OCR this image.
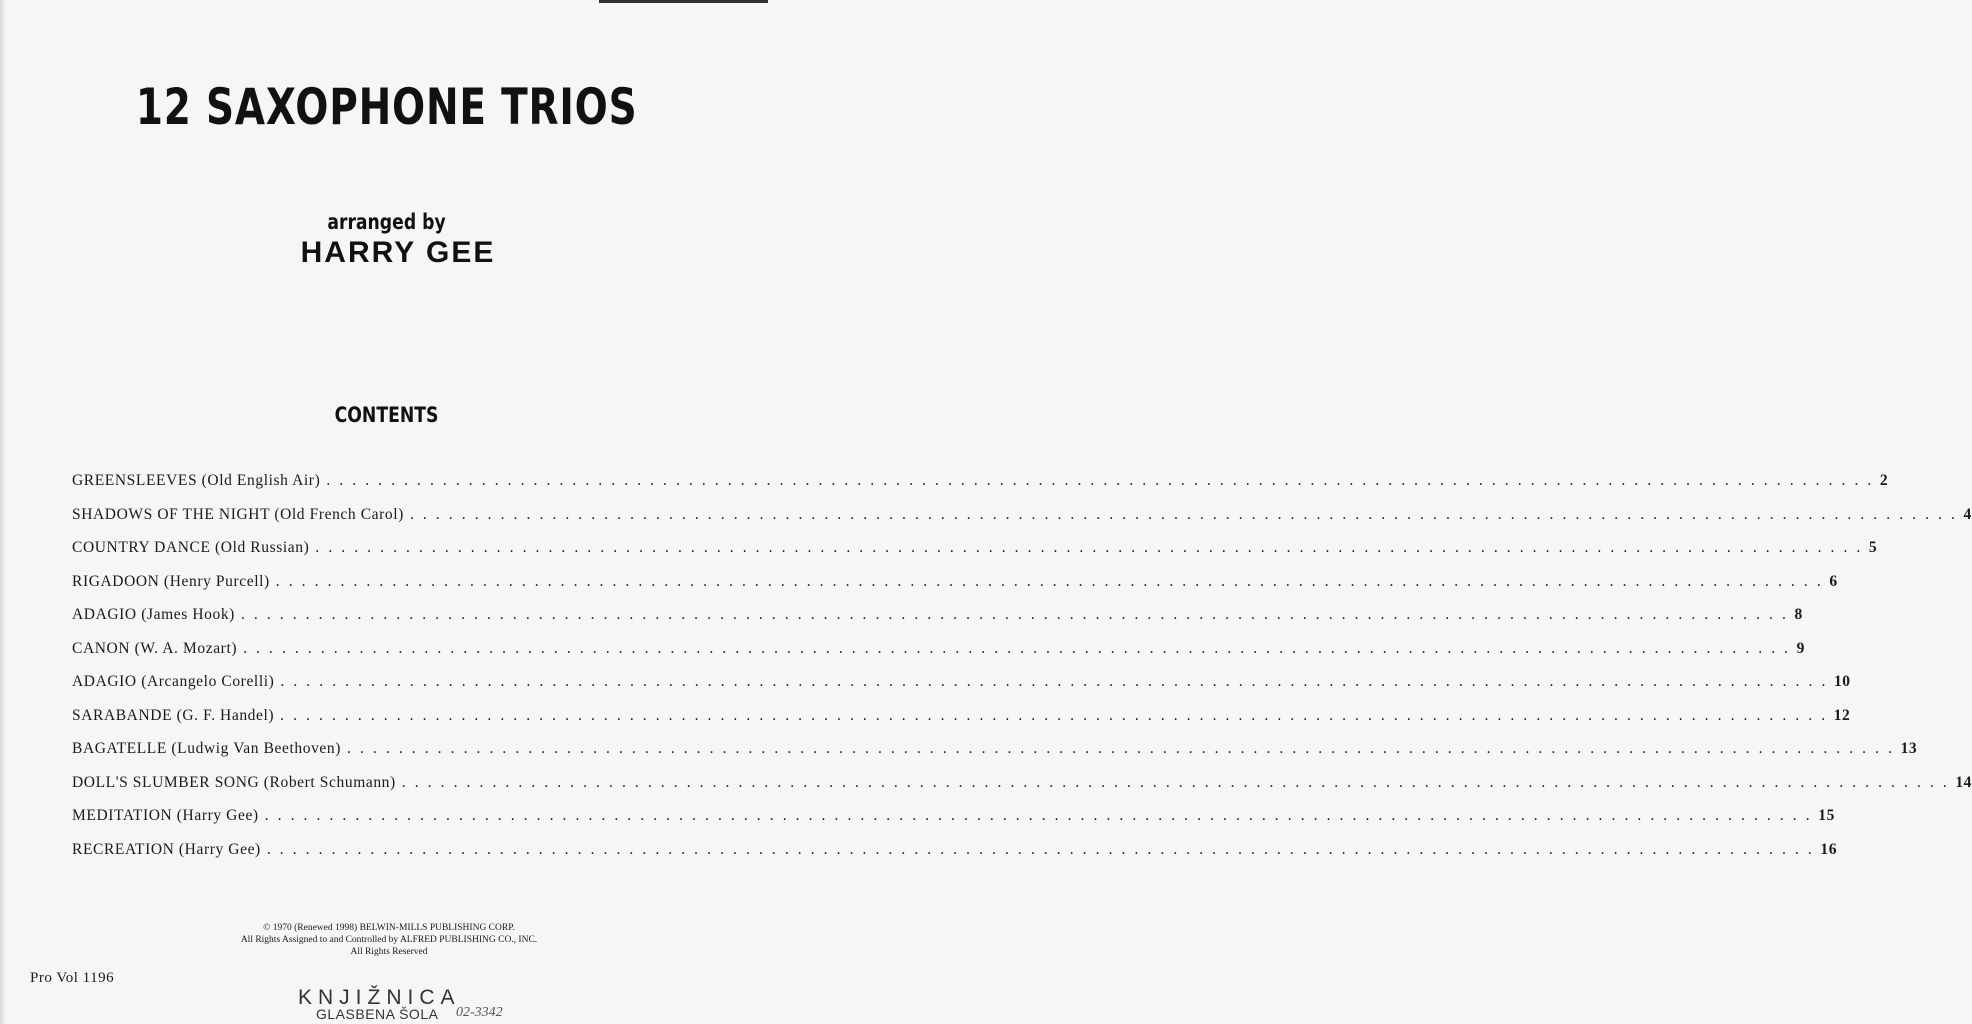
12 SAXOPHONE TRIOS
arranged by
HARRY GEE
CONTENTS
GREENSLEEVES (Old English Air) . . . . . . . . . . . . . . . . . . . . . . . . . . . . . . . . . . . . . . . . . . . . . . . . . . . . . . . . . . . . . . . . . . . . . . . . . . . . . . . . . . . . . . . . . . . . . . . . . . . . . . . . . . . . . . . . . . . . . . . . 2
SHADOWS OF THE NIGHT (Old French Carol) . . . . . . . . . . . . . . . . . . . . . . . . . . . . . . . . . . . . . . . . . . . . . . . . . . . . . . . . . . . . . . . . . . . . . . . . . . . . . . . . . . . . . . . . . . . . . . . . . . . . . . . . . . . . . . . . . . . . . . . . 4
COUNTRY DANCE (Old Russian) . . . . . . . . . . . . . . . . . . . . . . . . . . . . . . . . . . . . . . . . . . . . . . . . . . . . . . . . . . . . . . . . . . . . . . . . . . . . . . . . . . . . . . . . . . . . . . . . . . . . . . . . . . . . . . . . . . . . . . . . 5
RIGADOON (Henry Purcell) . . . . . . . . . . . . . . . . . . . . . . . . . . . . . . . . . . . . . . . . . . . . . . . . . . . . . . . . . . . . . . . . . . . . . . . . . . . . . . . . . . . . . . . . . . . . . . . . . . . . . . . . . . . . . . . . . . . . . . . . 6
ADAGIO (James Hook) . . . . . . . . . . . . . . . . . . . . . . . . . . . . . . . . . . . . . . . . . . . . . . . . . . . . . . . . . . . . . . . . . . . . . . . . . . . . . . . . . . . . . . . . . . . . . . . . . . . . . . . . . . . . . . . . . . . . . . . . 8
CANON (W. A. Mozart) . . . . . . . . . . . . . . . . . . . . . . . . . . . . . . . . . . . . . . . . . . . . . . . . . . . . . . . . . . . . . . . . . . . . . . . . . . . . . . . . . . . . . . . . . . . . . . . . . . . . . . . . . . . . . . . . . . . . . . . . 9
ADAGIO (Arcangelo Corelli) . . . . . . . . . . . . . . . . . . . . . . . . . . . . . . . . . . . . . . . . . . . . . . . . . . . . . . . . . . . . . . . . . . . . . . . . . . . . . . . . . . . . . . . . . . . . . . . . . . . . . . . . . . . . . . . . . . . . . . . . 10
SARABANDE (G. F. Handel) . . . . . . . . . . . . . . . . . . . . . . . . . . . . . . . . . . . . . . . . . . . . . . . . . . . . . . . . . . . . . . . . . . . . . . . . . . . . . . . . . . . . . . . . . . . . . . . . . . . . . . . . . . . . . . . . . . . . . . . . 12
BAGATELLE (Ludwig Van Beethoven) . . . . . . . . . . . . . . . . . . . . . . . . . . . . . . . . . . . . . . . . . . . . . . . . . . . . . . . . . . . . . . . . . . . . . . . . . . . . . . . . . . . . . . . . . . . . . . . . . . . . . . . . . . . . . . . . . . . . . . . . 13
DOLL'S SLUMBER SONG (Robert Schumann) . . . . . . . . . . . . . . . . . . . . . . . . . . . . . . . . . . . . . . . . . . . . . . . . . . . . . . . . . . . . . . . . . . . . . . . . . . . . . . . . . . . . . . . . . . . . . . . . . . . . . . . . . . . . . . . . . . . . . . . . 14
MEDITATION (Harry Gee) . . . . . . . . . . . . . . . . . . . . . . . . . . . . . . . . . . . . . . . . . . . . . . . . . . . . . . . . . . . . . . . . . . . . . . . . . . . . . . . . . . . . . . . . . . . . . . . . . . . . . . . . . . . . . . . . . . . . . . . . 15
RECREATION (Harry Gee) . . . . . . . . . . . . . . . . . . . . . . . . . . . . . . . . . . . . . . . . . . . . . . . . . . . . . . . . . . . . . . . . . . . . . . . . . . . . . . . . . . . . . . . . . . . . . . . . . . . . . . . . . . . . . . . . . . . . . . . . 16
© 1970 (Renewed 1998) BELWIN-MILLS PUBLISHING CORP.
All Rights Assigned to and Controlled by ALFRED PUBLISHING CO., INC.
All Rights Reserved
Pro Vol 1196
KNJIŽNICA
GLASBENA ŠOLA 02-3342
